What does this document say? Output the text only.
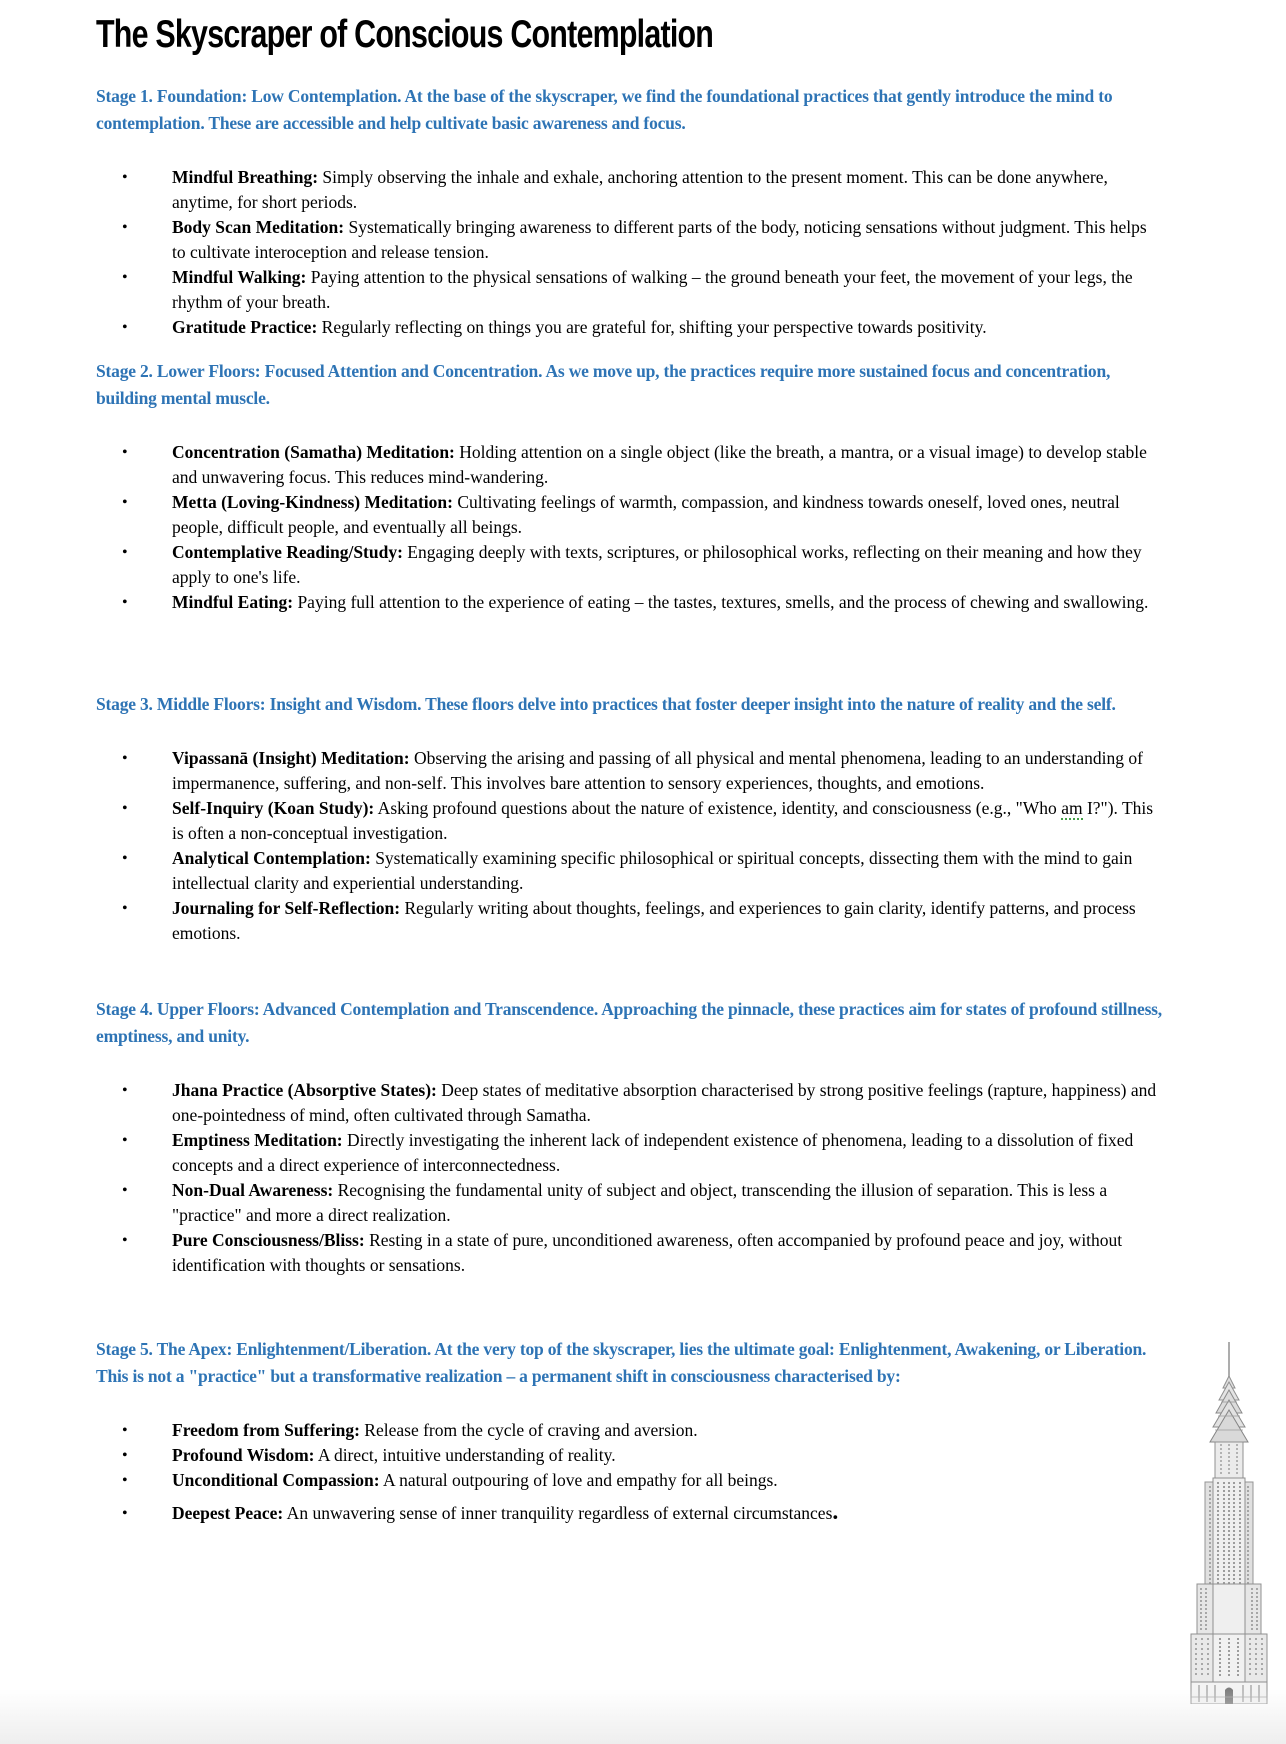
The Skyscraper of Conscious Contemplation

Stage 1. Foundation: Low Contemplation. At the base of the skyscraper, we find the foundational practices that gently introduce the mind to contemplation. These are accessible and help cultivate basic awareness and focus.

• Mindful Breathing: Simply observing the inhale and exhale, anchoring attention to the present moment. This can be done anywhere, anytime, for short periods.
• Body Scan Meditation: Systematically bringing awareness to different parts of the body, noticing sensations without judgment. This helps to cultivate interoception and release tension.
• Mindful Walking: Paying attention to the physical sensations of walking – the ground beneath your feet, the movement of your legs, the rhythm of your breath.
• Gratitude Practice: Regularly reflecting on things you are grateful for, shifting your perspective towards positivity.

Stage 2. Lower Floors: Focused Attention and Concentration. As we move up, the practices require more sustained focus and concentration, building mental muscle.

• Concentration (Samatha) Meditation: Holding attention on a single object (like the breath, a mantra, or a visual image) to develop stable and unwavering focus. This reduces mind-wandering.
• Metta (Loving-Kindness) Meditation: Cultivating feelings of warmth, compassion, and kindness towards oneself, loved ones, neutral people, difficult people, and eventually all beings.
• Contemplative Reading/Study: Engaging deeply with texts, scriptures, or philosophical works, reflecting on their meaning and how they apply to one's life.
• Mindful Eating: Paying full attention to the experience of eating – the tastes, textures, smells, and the process of chewing and swallowing.

Stage 3. Middle Floors: Insight and Wisdom. These floors delve into practices that foster deeper insight into the nature of reality and the self.

• Vipassanā (Insight) Meditation: Observing the arising and passing of all physical and mental phenomena, leading to an understanding of impermanence, suffering, and non-self. This involves bare attention to sensory experiences, thoughts, and emotions.
• Self-Inquiry (Koan Study): Asking profound questions about the nature of existence, identity, and consciousness (e.g., "Who am I?"). This is often a non-conceptual investigation.
• Analytical Contemplation: Systematically examining specific philosophical or spiritual concepts, dissecting them with the mind to gain intellectual clarity and experiential understanding.
• Journaling for Self-Reflection: Regularly writing about thoughts, feelings, and experiences to gain clarity, identify patterns, and process emotions.

Stage 4. Upper Floors: Advanced Contemplation and Transcendence. Approaching the pinnacle, these practices aim for states of profound stillness, emptiness, and unity.

• Jhana Practice (Absorptive States): Deep states of meditative absorption characterised by strong positive feelings (rapture, happiness) and one-pointedness of mind, often cultivated through Samatha.
• Emptiness Meditation: Directly investigating the inherent lack of independent existence of phenomena, leading to a dissolution of fixed concepts and a direct experience of interconnectedness.
• Non-Dual Awareness: Recognising the fundamental unity of subject and object, transcending the illusion of separation. This is less a "practice" and more a direct realization.
• Pure Consciousness/Bliss: Resting in a state of pure, unconditioned awareness, often accompanied by profound peace and joy, without identification with thoughts or sensations.

Stage 5. The Apex: Enlightenment/Liberation. At the very top of the skyscraper, lies the ultimate goal: Enlightenment, Awakening, or Liberation. This is not a "practice" but a transformative realization – a permanent shift in consciousness characterised by:

• Freedom from Suffering: Release from the cycle of craving and aversion.
• Profound Wisdom: A direct, intuitive understanding of reality.
• Unconditional Compassion: A natural outpouring of love and empathy for all beings.
• Deepest Peace: An unwavering sense of inner tranquility regardless of external circumstances.
